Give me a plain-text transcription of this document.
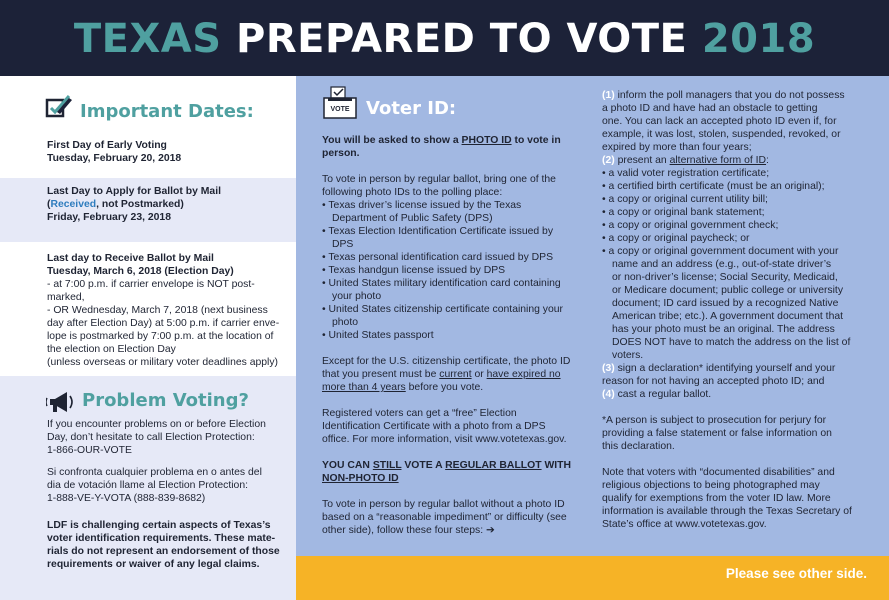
TEXAS PREPARED TO VOTE 2018
Important Dates:
First Day of Early Voting
Tuesday, February 20, 2018
Last Day to Apply for Ballot by Mail
(Received, not Postmarked)
Friday, February 23, 2018
Last day to Receive Ballot by Mail
Tuesday, March 6, 2018 (Election Day)
- at 7:00 p.m. if carrier envelope is NOT post-
marked,
- OR Wednesday, March 7, 2018 (next business
day after Election Day) at 5:00 p.m. if carrier enve-
lope is postmarked by 7:00 p.m. at the location of
the election on Election Day
(unless overseas or military voter deadlines apply)
Problem Voting?
If you encounter problems on or before Election
Day, don’t hesitate to call Election Protection:
1-866-OUR-VOTE
Si confronta cualquier problema en o antes del
dia de votación llame al Election Protection:
1-888-VE-Y-VOTA (888-839-8682)
LDF is challenging certain aspects of Texas’s
voter identification requirements. These mate-
rials do not represent an endorsement of those
requirements or waiver of any legal claims.
VOTE Voter ID:

You will be asked to show a PHOTO ID to vote in

person.

To vote in person by regular ballot, bring one of the

following photo IDs to the polling place:

• Texas driver’s license issued by the Texas
Department of Public Safety (DPS)
• Texas Election Identification Certificate issued by
DPS
• Texas personal identification card issued by DPS
• Texas handgun license issued by DPS
• United States military identification card containing
your photo
• United States citizenship certificate containing your
photo
• United States passport

Except for the U.S. citizenship certificate, the photo ID

that you present must be current or have expired no

more than 4 years before you vote.

Registered voters can get a “free” Election

Identification Certificate with a photo from a DPS

office. For more information, visit www.votetexas.gov.

YOU CAN STILL VOTE A REGULAR BALLOT WITH

NON-PHOTO ID

To vote in person by regular ballot without a photo ID

based on a “reasonable impediment” or difficulty (see

other side), follow these four steps: ➔

(1) inform the poll managers that you do not possess

a photo ID and have had an obstacle to getting

one. You can lack an accepted photo ID even if, for

example, it was lost, stolen, suspended, revoked, or

expired by more than four years;

(2) present an alternative form of ID:

• a valid voter registration certificate;
• a certified birth certificate (must be an original);
• a copy or original current utility bill;
• a copy or original bank statement;
• a copy or original government check;
• a copy or original paycheck; or
• a copy or original government document with your
name and an address (e.g., out-of-state driver’s
or non-driver’s license; Social Security, Medicaid,
or Medicare document; public college or university
document; ID card issued by a recognized Native
American tribe; etc.). A government document that
has your photo must be an original. The address
DOES NOT have to match the address on the list of
voters.

(3) sign a declaration* identifying yourself and your

reason for not having an accepted photo ID; and

(4) cast a regular ballot.

*A person is subject to prosecution for perjury for

providing a false statement or false information on

this declaration.

Note that voters with “documented disabilities” and

religious objections to being photographed may

qualify for exemptions from the voter ID law. More

information is available through the Texas Secretary of

State’s office at www.votetexas.gov.

Please see other side.
